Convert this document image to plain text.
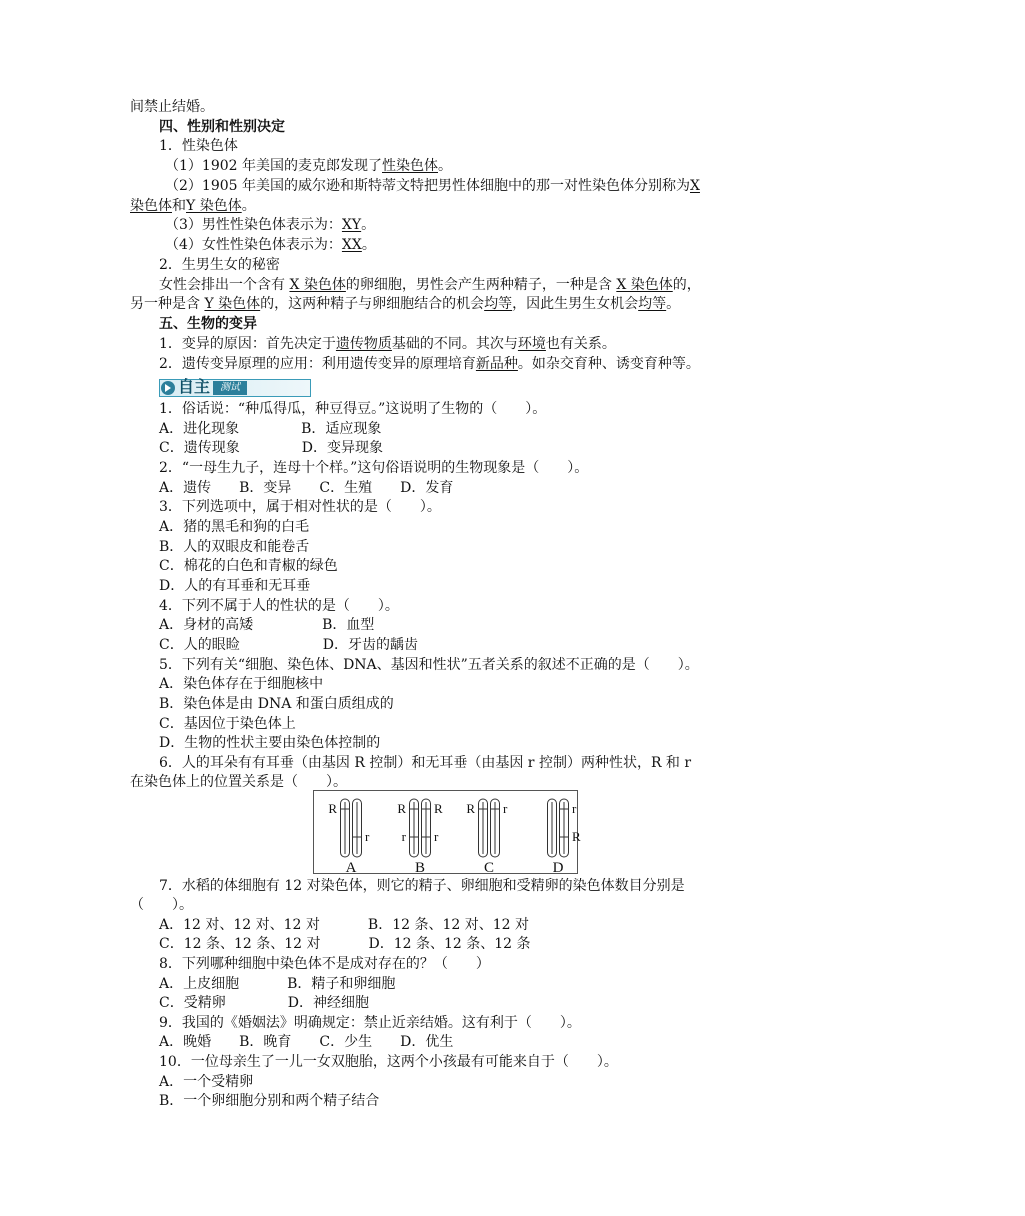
间禁止结婚。
四、性别和性别决定
1．性染色体
（1）1902 年美国的麦克郎发现了性染色体。
（2）1905 年美国的威尔逊和斯特蒂文特把男性体细胞中的那一对性染色体分别称为X
染色体和Y 染色体。
（3）男性性染色体表示为：XY。
（4）女性性染色体表示为：XX。
2．生男生女的秘密
女性会排出一个含有 X 染色体的卵细胞，男性会产生两种精子，一种是含 X 染色体的，
另一种是含 Y 染色体的，这两种精子与卵细胞结合的机会均等，因此生男生女机会均等。
五、生物的变异
1．变异的原因：首先决定于遗传物质基础的不同。其次与环境也有关系。
2．遗传变异原理的应用：利用遗传变异的原理培育新品种。如杂交育种、诱变育种等。
自主 测试
1．俗话说：“种瓜得瓜，种豆得豆。”这说明了生物的（　　）。
A．进化现象	B．适应现象
C．遗传现象	D．变异现象
2．“一母生九子，连母十个样。”这句俗语说明的生物现象是（　　）。
A．遗传　　B．变异　　C．生殖　　D．发育
3．下列选项中，属于相对性状的是（　　）。
A．猪的黑毛和狗的白毛
B．人的双眼皮和能卷舌
C．棉花的白色和青椒的绿色
D．人的有耳垂和无耳垂
4．下列不属于人的性状的是（　　）。
A．身材的高矮	B．血型
C．人的眼睑	D．牙齿的龋齿
5．下列有关“细胞、染色体、DNA、基因和性状”五者关系的叙述不正确的是（　　）。
A．染色体存在于细胞核中
B．染色体是由 DNA 和蛋白质组成的
C．基因位于染色体上
D．生物的性状主要由染色体控制的
6．人的耳朵有有耳垂（由基因 R 控制）和无耳垂（由基因 r 控制）两种性状，R 和 r
在染色体上的位置关系是（　　）。
R
r
A
R
r
R
r
B
R r
C
r
R
D
7．水稻的体细胞有 12 对染色体，则它的精子、卵细胞和受精卵的染色体数目分别是
（　　）。
A．12 对、12 对、12 对	B．12 条、12 对、12 对
C．12 条、12 条、12 对	D．12 条、12 条、12 条
8．下列哪种细胞中染色体不是成对存在的？（　　）
A．上皮细胞	B．精子和卵细胞
C．受精卵	D．神经细胞
9．我国的《婚姻法》明确规定：禁止近亲结婚。这有利于（　　）。
A．晚婚　　B．晚育　　C．少生　　D．优生
10．一位母亲生了一儿一女双胞胎，这两个小孩最有可能来自于（　　）。
A．一个受精卵
B．一个卵细胞分别和两个精子结合
